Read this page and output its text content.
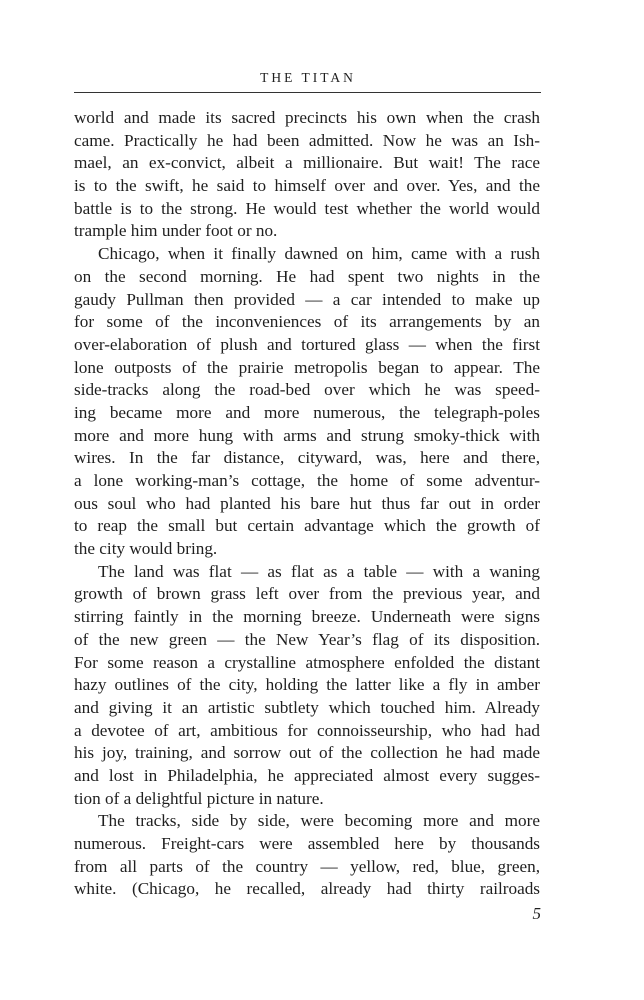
THE TITAN
world and made its sacred precincts his own when the crash
came. Practically he had been admitted. Now he was an Ish-
mael, an ex-convict, albeit a millionaire. But wait! The race
is to the swift, he said to himself over and over. Yes, and the
battle is to the strong. He would test whether the world would
trample him under foot or no.
Chicago, when it finally dawned on him, came with a rush
on the second morning. He had spent two nights in the
gaudy Pullman then provided — a car intended to make up
for some of the inconveniences of its arrangements by an
over-elaboration of plush and tortured glass — when the first
lone outposts of the prairie metropolis began to appear. The
side-tracks along the road-bed over which he was speed-
ing became more and more numerous, the telegraph-poles
more and more hung with arms and strung smoky-thick with
wires. In the far distance, cityward, was, here and there,
a lone working-man’s cottage, the home of some adventur-
ous soul who had planted his bare hut thus far out in order
to reap the small but certain advantage which the growth of
the city would bring.
The land was flat — as flat as a table — with a waning
growth of brown grass left over from the previous year, and
stirring faintly in the morning breeze. Underneath were signs
of the new green — the New Year’s flag of its disposition.
For some reason a crystalline atmosphere enfolded the distant
hazy outlines of the city, holding the latter like a fly in amber
and giving it an artistic subtlety which touched him. Already
a devotee of art, ambitious for connoisseurship, who had had
his joy, training, and sorrow out of the collection he had made
and lost in Philadelphia, he appreciated almost every sugges-
tion of a delightful picture in nature.
The tracks, side by side, were becoming more and more
numerous. Freight-cars were assembled here by thousands
from all parts of the country — yellow, red, blue, green,
white. (Chicago, he recalled, already had thirty railroads
5
